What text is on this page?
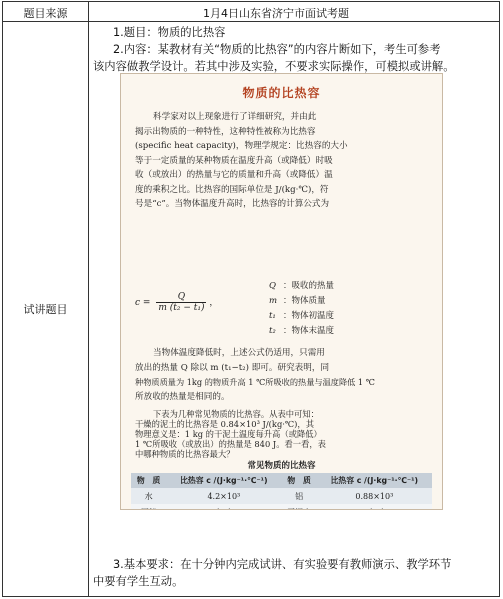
题目来源	1月4日山东省济宁市面试考题
试讲题目

1.题目：物质的比热容

2.内容：某教材有关“物质的比热容”的内容片断如下，考生可参考

该内容做教学设计。若其中涉及实验，不要求实际操作，可模拟或讲解。

3.基本要求：在十分钟内完成试讲、有实验要有教师演示、教学环节

中要有学生互动。

物质的比热容

科学家对以上现象进行了详细研究，并由此

揭示出物质的一种特性，这种特性被称为比热容
(specific heat capacity)，物理学规定：比热容的大小
等于一定质量的某种物质在温度升高（或降低）时吸
收（或放出）的热量与它的质量和升高（或降低）温
度的乘积之比。比热容的国际单位是 J/(kg·℃)，符
号是“c”。当物体温度升高时，比热容的计算公式为
$c = \frac{Q}{\text{m (t₂ − t₁)}}$ ，
Q ：吸收的热量
m ：物体质量
t₁ ：物体初温度
t₂ ：物体末温度

当物体温度降低时，上述公式仍适用，只需用

放出的热量 Q 除以 m (t₁−t₂) 即可。研究表明，同
种物质质量为 1kg 的物质升高 1 ℃所吸收的热量与温度降低 1 ℃
所放收的热量是相同的。

下表为几种常见物质的比热容。从表中可知：

干燥的泥土的比热容是 0.84×10³ J/(kg·℃)，其
物理意义是：1 kg 的干泥土温度每升高（或降低）
1 ℃所吸收（或放出）的热量是 840 J。看一看，表
中哪种物质的比热容最大？
常见物质的比热容
物　质	比热容 c /(J·kg⁻¹·℃⁻¹)	物　质	比热容 c /(J·kg⁻¹·℃⁻¹)
水	4.2×10³	铝	0.88×10³
